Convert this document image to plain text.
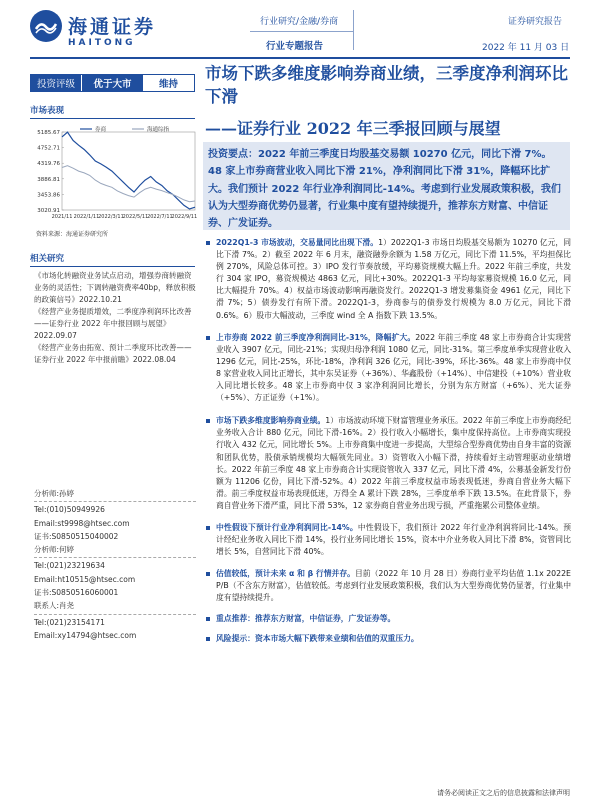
海通证券
HAITONG
行业研究/金融/券商
行业专题报告
证券研究报告
2022 年 11 月 03 日
投资评级	优于大市	维持
市场表现
3020.91
3453.86
3886.81
4319.76
4752.71
5185.67
2021/11 2022/1/11
2022/3/11
2022/5/11
2022/7/11
2022/9/11
券商	海通综指
资料来源：海通证券研究所
相关研究
《市场化转融资业务试点启动，增强券商转融资业务的灵活性；下调转融资费率40bp，释放积极的政策信号》2022.10.21
《经营产业务提质增效，二季度净利润环比改善——证券行业 2022 年中报回顾与展望》2022.09.07
《经营产业务由拓宽、预计二季度环比改善——证券行业 2022 年中报前瞻》2022.08.04
分析师:孙婷
Tel:(010)50949926
Email:st9998@htsec.com
证书:S0850515040002
分析师:何婷
Tel:(021)23219634
Email:ht10515@htsec.com
证书:S0850516060001
联系人:肖尧
Tel:(021)23154171
Email:xy14794@htsec.com
市场下跌多维度影响券商业绩，三季度净利润环比下滑
——证券行业 2022 年三季报回顾与展望
投资要点：2022 年前三季度日均股基交易额 10270 亿元，同比下滑 7%。48 家上市券商营业收入同比下滑 21%，净利润同比下滑 31%，降幅环比扩大。我们预计 2022 年行业净利润同比-14%。考虑到行业发展政策积极，我们认为大型券商优势仍显著，行业集中度有望持续提升，推荐东方财富、中信证券、广发证券。
2022Q1-3 市场波动，交易量同比出现下滑。1）2022Q1-3 市场日均股基交易额为 10270 亿元，同比下滑 7%。2）截至 2022 年 6 月末，融资融券余额为 1.58 万亿元，同比下滑 11.5%，平均担保比例 270%，风险总体可控。3）IPO 发行节奏放缓，平均募资规模大幅上升。2022 年前三季度，共发行 304 家 IPO，募资规模达 4863 亿元，同比+30%。2022Q1-3 平均每家募资规模 16.0 亿元，同比大幅提升 70%。4）权益市场波动影响再融资发行。2022Q1-3 增发募集资金 4961 亿元，同比下滑 7%；5）债券发行有所下滑。2022Q1-3，券商参与的债券发行规模为 8.0 万亿元，同比下滑 0.6%。6）股市大幅波动，三季度 wind 全 A 指数下跌 13.5%。
上市券商 2022 前三季度净利润同比-31%，降幅扩大。2022 年前三季度 48 家上市券商合计实现营业收入 3907 亿元，同比-21%；实现归母净利润 1080 亿元，同比-31%。第三季度单季实现营业收入 1296 亿元，同比-25%，环比-18%，净利润 326 亿元，同比-39%，环比-36%。48 家上市券商中仅 8 家营业收入同比正增长，其中东吴证券（+36%）、华鑫股份（+14%）、中信建投（+10%）营业收入同比增长较多。48 家上市券商中仅 3 家净利润同比增长，分别为东方财富（+6%）、光大证券（+5%）、方正证券（+1%）。
市场下跌多维度影响券商业绩。1）市场波动环境下财富管理业务承压。2022 年前三季度上市券商经纪业务收入合计 880 亿元，同比下滑-16%。2）投行收入小幅增长，集中度保持高位。上市券商实现投行收入 432 亿元，同比增长 5%。上市券商集中度进一步提高，大型综合型券商优势由自身丰富的资源和团队优势，股债承销规模均大幅领先同业。3）资管收入小幅下滑，持续看好主动管理驱动业绩增长。2022 年前三季度 48 家上市券商合计实现资管收入 337 亿元，同比下滑 4%，公募基金新发行份额为 11206 亿份，同比下滑-52%。4）2022 年前三季度权益市场表现低迷，券商自营业务大幅下滑。前三季度权益市场表现低迷，万得全 A 累计下跌 28%，三季度单季下跌 13.5%。在此背景下，券商自营业务下滑严重，同比下滑 53%，12 家券商自营业务出现亏损，严重拖累公司整体业绩。
中性假设下预计行业净利润同比-14%。中性假设下，我们预计 2022 年行业净利润将同比-14%。预计经纪业务收入同比下滑 14%，投行业务同比增长 15%，资本中介业务收入同比下滑 8%，资管同比增长 5%，自营同比下滑 40%。
估值较低，预计未来 α 和 β 行情并存。目前（2022 年 10 月 28 日）券商行业平均估值 1.1x 2022E P/B（不含东方财富），估值较低。考虑到行业发展政策积极，我们认为大型券商优势仍显著，行业集中度有望持续提升。
重点推荐：推荐东方财富，中信证券，广发证券等。
风险提示：资本市场大幅下跌带来业绩和估值的双重压力。
请务必阅读正文之后的信息披露和法律声明
